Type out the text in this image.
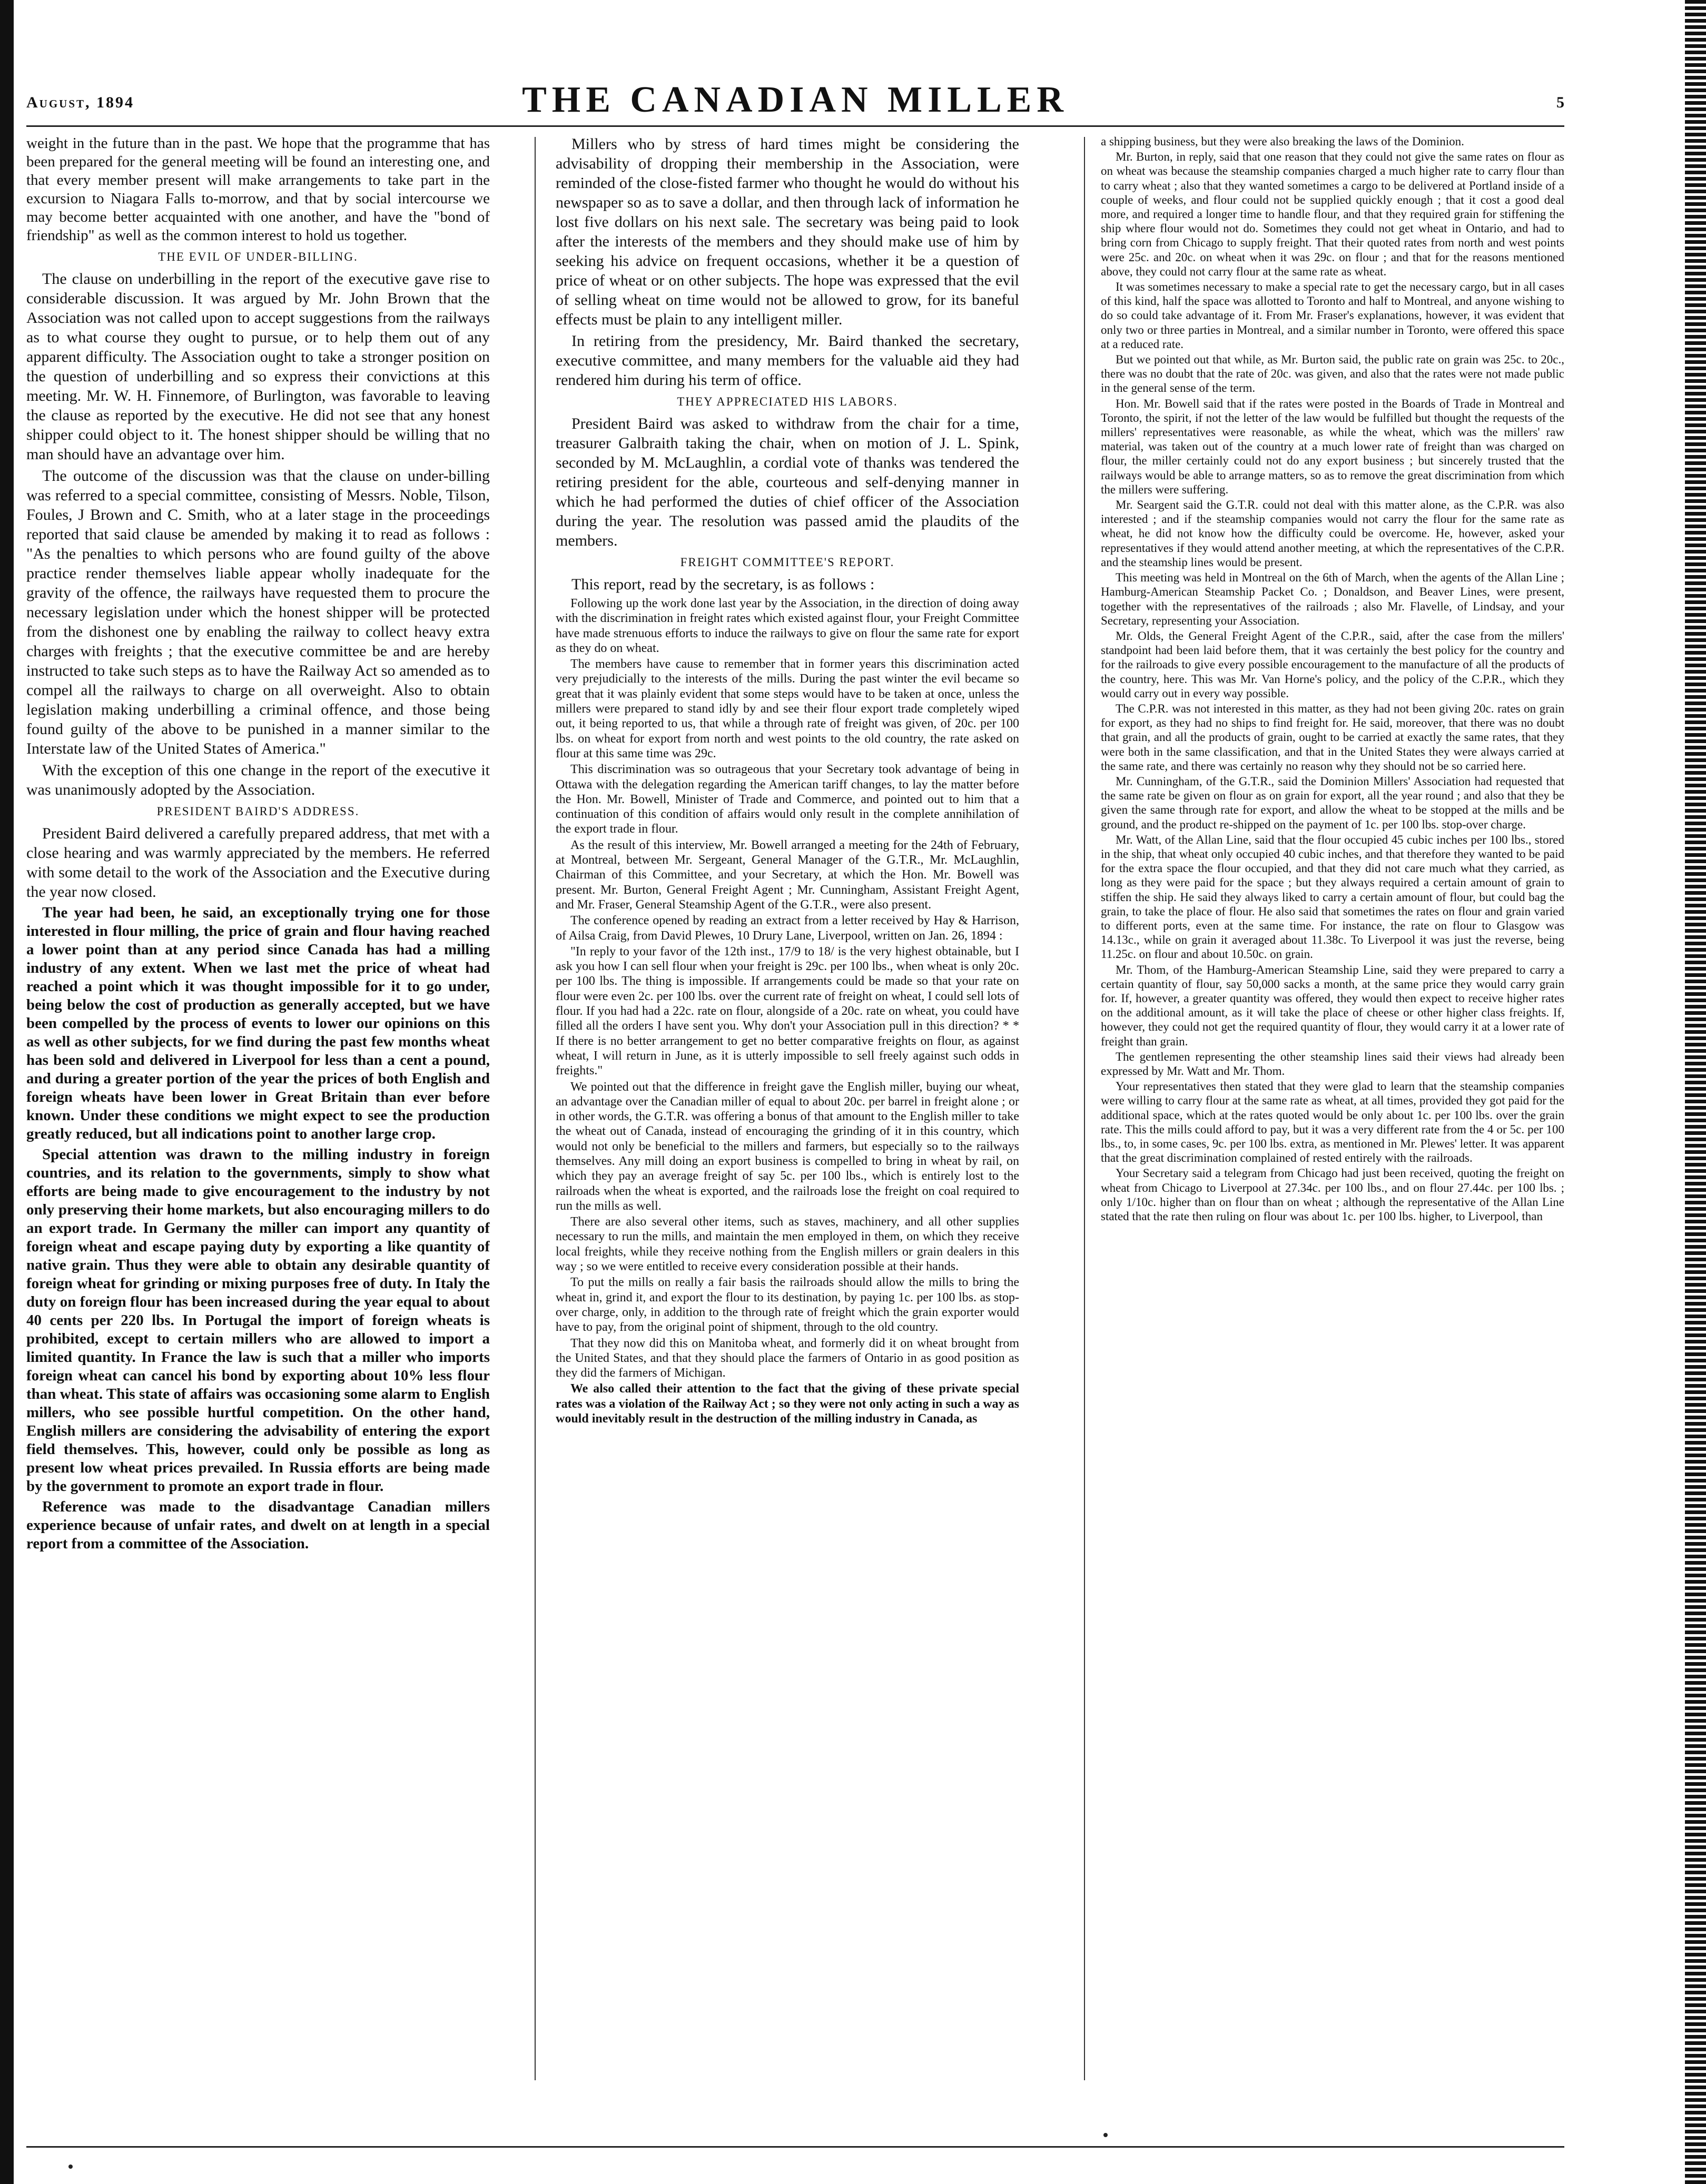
August, 1894	THE CANADIAN MILLER	5

weight in the future than in the past. We hope that the programme that has been prepared for the general meeting will be found an interesting one, and that every member present will make arrangements to take part in the excursion to Niagara Falls to-morrow, and that by social intercourse we may become better acquainted with one another, and have the "bond of friendship" as well as the common interest to hold us together.

THE EVIL OF UNDER-BILLING.

The clause on underbilling in the report of the executive gave rise to considerable discussion. It was argued by Mr. John Brown that the Association was not called upon to accept suggestions from the railways as to what course they ought to pursue, or to help them out of any apparent difficulty. The Association ought to take a stronger position on the question of underbilling and so express their convictions at this meeting. Mr. W. H. Finnemore, of Burlington, was favorable to leaving the clause as reported by the executive. He did not see that any honest shipper could object to it. The honest shipper should be willing that no man should have an advantage over him.

The outcome of the discussion was that the clause on under-billing was referred to a special committee, consisting of Messrs. Noble, Tilson, Foules, J Brown and C. Smith, who at a later stage in the proceedings reported that said clause be amended by making it to read as follows : "As the penalties to which persons who are found guilty of the above practice render themselves liable appear wholly inadequate for the gravity of the offence, the railways have requested them to procure the necessary legislation under which the honest shipper will be protected from the dishonest one by enabling the railway to collect heavy extra charges with freights ; that the executive committee be and are hereby instructed to take such steps as to have the Railway Act so amended as to compel all the railways to charge on all overweight. Also to obtain legislation making underbilling a criminal offence, and those being found guilty of the above to be punished in a manner similar to the Interstate law of the United States of America."

With the exception of this one change in the report of the executive it was unanimously adopted by the Association.

PRESIDENT BAIRD'S ADDRESS.

President Baird delivered a carefully prepared address, that met with a close hearing and was warmly appreciated by the members. He referred with some detail to the work of the Association and the Executive during the year now closed.

The year had been, he said, an exceptionally trying one for those interested in flour milling, the price of grain and flour having reached a lower point than at any period since Canada has had a milling industry of any extent. When we last met the price of wheat had reached a point which it was thought impossible for it to go under, being below the cost of production as generally accepted, but we have been compelled by the process of events to lower our opinions on this as well as other subjects, for we find during the past few months wheat has been sold and delivered in Liverpool for less than a cent a pound, and during a greater portion of the year the prices of both English and foreign wheats have been lower in Great Britain than ever before known. Under these conditions we might expect to see the production greatly reduced, but all indications point to another large crop.

Special attention was drawn to the milling industry in foreign countries, and its relation to the governments, simply to show what efforts are being made to give encouragement to the industry by not only preserving their home markets, but also encouraging millers to do an export trade. In Germany the miller can import any quantity of foreign wheat and escape paying duty by exporting a like quantity of native grain. Thus they were able to obtain any desirable quantity of foreign wheat for grinding or mixing purposes free of duty. In Italy the duty on foreign flour has been increased during the year equal to about 40 cents per 220 lbs. In Portugal the import of foreign wheats is prohibited, except to certain millers who are allowed to import a limited quantity. In France the law is such that a miller who imports foreign wheat can cancel his bond by exporting about 10% less flour than wheat. This state of affairs was occasioning some alarm to English millers, who see possible hurtful competition. On the other hand, English millers are considering the advisability of entering the export field themselves. This, however, could only be possible as long as present low wheat prices prevailed. In Russia efforts are being made by the government to promote an export trade in flour.

Reference was made to the disadvantage Canadian millers experience because of unfair rates, and dwelt on at length in a special report from a committee of the Association.

Millers who by stress of hard times might be considering the advisability of dropping their membership in the Association, were reminded of the close-fisted farmer who thought he would do without his newspaper so as to save a dollar, and then through lack of information he lost five dollars on his next sale. The secretary was being paid to look after the interests of the members and they should make use of him by seeking his advice on frequent occasions, whether it be a question of price of wheat or on other subjects. The hope was expressed that the evil of selling wheat on time would not be allowed to grow, for its baneful effects must be plain to any intelligent miller.

In retiring from the presidency, Mr. Baird thanked the secretary, executive committee, and many members for the valuable aid they had rendered him during his term of office.

THEY APPRECIATED HIS LABORS.

President Baird was asked to withdraw from the chair for a time, treasurer Galbraith taking the chair, when on motion of J. L. Spink, seconded by M. McLaughlin, a cordial vote of thanks was tendered the retiring president for the able, courteous and self-denying manner in which he had performed the duties of chief officer of the Association during the year. The resolution was passed amid the plaudits of the members.

FREIGHT COMMITTEE'S REPORT.

This report, read by the secretary, is as follows :

Following up the work done last year by the Association, in the direction of doing away with the discrimination in freight rates which existed against flour, your Freight Committee have made strenuous efforts to induce the railways to give on flour the same rate for export as they do on wheat.

The members have cause to remember that in former years this discrimination acted very prejudicially to the interests of the mills. During the past winter the evil became so great that it was plainly evident that some steps would have to be taken at once, unless the millers were prepared to stand idly by and see their flour export trade completely wiped out, it being reported to us, that while a through rate of freight was given, of 20c. per 100 lbs. on wheat for export from north and west points to the old country, the rate asked on flour at this same time was 29c.

This discrimination was so outrageous that your Secretary took advantage of being in Ottawa with the delegation regarding the American tariff changes, to lay the matter before the Hon. Mr. Bowell, Minister of Trade and Commerce, and pointed out to him that a continuation of this condition of affairs would only result in the complete annihilation of the export trade in flour.

As the result of this interview, Mr. Bowell arranged a meeting for the 24th of February, at Montreal, between Mr. Sergeant, General Manager of the G.T.R., Mr. McLaughlin, Chairman of this Committee, and your Secretary, at which the Hon. Mr. Bowell was present. Mr. Burton, General Freight Agent ; Mr. Cunningham, Assistant Freight Agent, and Mr. Fraser, General Steamship Agent of the G.T.R., were also present.

The conference opened by reading an extract from a letter received by Hay & Harrison, of Ailsa Craig, from David Plewes, 10 Drury Lane, Liverpool, written on Jan. 26, 1894 :

"In reply to your favor of the 12th inst., 17/9 to 18/ is the very highest obtainable, but I ask you how I can sell flour when your freight is 29c. per 100 lbs., when wheat is only 20c. per 100 lbs. The thing is impossible. If arrangements could be made so that your rate on flour were even 2c. per 100 lbs. over the current rate of freight on wheat, I could sell lots of flour. If you had had a 22c. rate on flour, alongside of a 20c. rate on wheat, you could have filled all the orders I have sent you. Why don't your Association pull in this direction? * * If there is no better arrangement to get no better comparative freights on flour, as against wheat, I will return in June, as it is utterly impossible to sell freely against such odds in freights."

We pointed out that the difference in freight gave the English miller, buying our wheat, an advantage over the Canadian miller of equal to about 20c. per barrel in freight alone ; or in other words, the G.T.R. was offering a bonus of that amount to the English miller to take the wheat out of Canada, instead of encouraging the grinding of it in this country, which would not only be beneficial to the millers and farmers, but especially so to the railways themselves. Any mill doing an export business is compelled to bring in wheat by rail, on which they pay an average freight of say 5c. per 100 lbs., which is entirely lost to the railroads when the wheat is exported, and the railroads lose the freight on coal required to run the mills as well.

There are also several other items, such as staves, machinery, and all other supplies necessary to run the mills, and maintain the men employed in them, on which they receive local freights, while they receive nothing from the English millers or grain dealers in this way ; so we were entitled to receive every consideration possible at their hands.

To put the mills on really a fair basis the railroads should allow the mills to bring the wheat in, grind it, and export the flour to its destination, by paying 1c. per 100 lbs. as stop-over charge, only, in addition to the through rate of freight which the grain exporter would have to pay, from the original point of shipment, through to the old country.

That they now did this on Manitoba wheat, and formerly did it on wheat brought from the United States, and that they should place the farmers of Ontario in as good position as they did the farmers of Michigan.

We also called their attention to the fact that the giving of these private special rates was a violation of the Railway Act ; so they were not only acting in such a way as would inevitably result in the destruction of the milling industry in Canada, as

a shipping business, but they were also breaking the laws of the Dominion.

Mr. Burton, in reply, said that one reason that they could not give the same rates on flour as on wheat was because the steamship companies charged a much higher rate to carry flour than to carry wheat ; also that they wanted sometimes a cargo to be delivered at Portland inside of a couple of weeks, and flour could not be supplied quickly enough ; that it cost a good deal more, and required a longer time to handle flour, and that they required grain for stiffening the ship where flour would not do. Sometimes they could not get wheat in Ontario, and had to bring corn from Chicago to supply freight. That their quoted rates from north and west points were 25c. and 20c. on wheat when it was 29c. on flour ; and that for the reasons mentioned above, they could not carry flour at the same rate as wheat.

It was sometimes necessary to make a special rate to get the necessary cargo, but in all cases of this kind, half the space was allotted to Toronto and half to Montreal, and anyone wishing to do so could take advantage of it. From Mr. Fraser's explanations, however, it was evident that only two or three parties in Montreal, and a similar number in Toronto, were offered this space at a reduced rate.

But we pointed out that while, as Mr. Burton said, the public rate on grain was 25c. to 20c., there was no doubt that the rate of 20c. was given, and also that the rates were not made public in the general sense of the term.

Hon. Mr. Bowell said that if the rates were posted in the Boards of Trade in Montreal and Toronto, the spirit, if not the letter of the law would be fulfilled but thought the requests of the millers' representatives were reasonable, as while the wheat, which was the millers' raw material, was taken out of the country at a much lower rate of freight than was charged on flour, the miller certainly could not do any export business ; but sincerely trusted that the railways would be able to arrange matters, so as to remove the great discrimination from which the millers were suffering.

Mr. Seargent said the G.T.R. could not deal with this matter alone, as the C.P.R. was also interested ; and if the steamship companies would not carry the flour for the same rate as wheat, he did not know how the difficulty could be overcome. He, however, asked your representatives if they would attend another meeting, at which the representatives of the C.P.R. and the steamship lines would be present.

This meeting was held in Montreal on the 6th of March, when the agents of the Allan Line ; Hamburg-American Steamship Packet Co. ; Donaldson, and Beaver Lines, were present, together with the representatives of the railroads ; also Mr. Flavelle, of Lindsay, and your Secretary, representing your Association.

Mr. Olds, the General Freight Agent of the C.P.R., said, after the case from the millers' standpoint had been laid before them, that it was certainly the best policy for the country and for the railroads to give every possible encouragement to the manufacture of all the products of the country, here. This was Mr. Van Horne's policy, and the policy of the C.P.R., which they would carry out in every way possible.

The C.P.R. was not interested in this matter, as they had not been giving 20c. rates on grain for export, as they had no ships to find freight for. He said, moreover, that there was no doubt that grain, and all the products of grain, ought to be carried at exactly the same rates, that they were both in the same classification, and that in the United States they were always carried at the same rate, and there was certainly no reason why they should not be so carried here.

Mr. Cunningham, of the G.T.R., said the Dominion Millers' Association had requested that the same rate be given on flour as on grain for export, all the year round ; and also that they be given the same through rate for export, and allow the wheat to be stopped at the mills and be ground, and the product re-shipped on the payment of 1c. per 100 lbs. stop-over charge.

Mr. Watt, of the Allan Line, said that the flour occupied 45 cubic inches per 100 lbs., stored in the ship, that wheat only occupied 40 cubic inches, and that therefore they wanted to be paid for the extra space the flour occupied, and that they did not care much what they carried, as long as they were paid for the space ; but they always required a certain amount of grain to stiffen the ship. He said they always liked to carry a certain amount of flour, but could bag the grain, to take the place of flour. He also said that sometimes the rates on flour and grain varied to different ports, even at the same time. For instance, the rate on flour to Glasgow was 14.13c., while on grain it averaged about 11.38c. To Liverpool it was just the reverse, being 11.25c. on flour and about 10.50c. on grain.

Mr. Thom, of the Hamburg-American Steamship Line, said they were prepared to carry a certain quantity of flour, say 50,000 sacks a month, at the same price they would carry grain for. If, however, a greater quantity was offered, they would then expect to receive higher rates on the additional amount, as it will take the place of cheese or other higher class freights. If, however, they could not get the required quantity of flour, they would carry it at a lower rate of freight than grain.

The gentlemen representing the other steamship lines said their views had already been expressed by Mr. Watt and Mr. Thom.

Your representatives then stated that they were glad to learn that the steamship companies were willing to carry flour at the same rate as wheat, at all times, provided they got paid for the additional space, which at the rates quoted would be only about 1c. per 100 lbs. over the grain rate. This the mills could afford to pay, but it was a very different rate from the 4 or 5c. per 100 lbs., to, in some cases, 9c. per 100 lbs. extra, as mentioned in Mr. Plewes' letter. It was apparent that the great discrimination complained of rested entirely with the railroads.

Your Secretary said a telegram from Chicago had just been received, quoting the freight on wheat from Chicago to Liverpool at 27.34c. per 100 lbs., and on flour 27.44c. per 100 lbs. ; only 1/10c. higher than on flour than on wheat ; although the representative of the Allan Line stated that the rate then ruling on flour was about 1c. per 100 lbs. higher, to Liverpool, than
